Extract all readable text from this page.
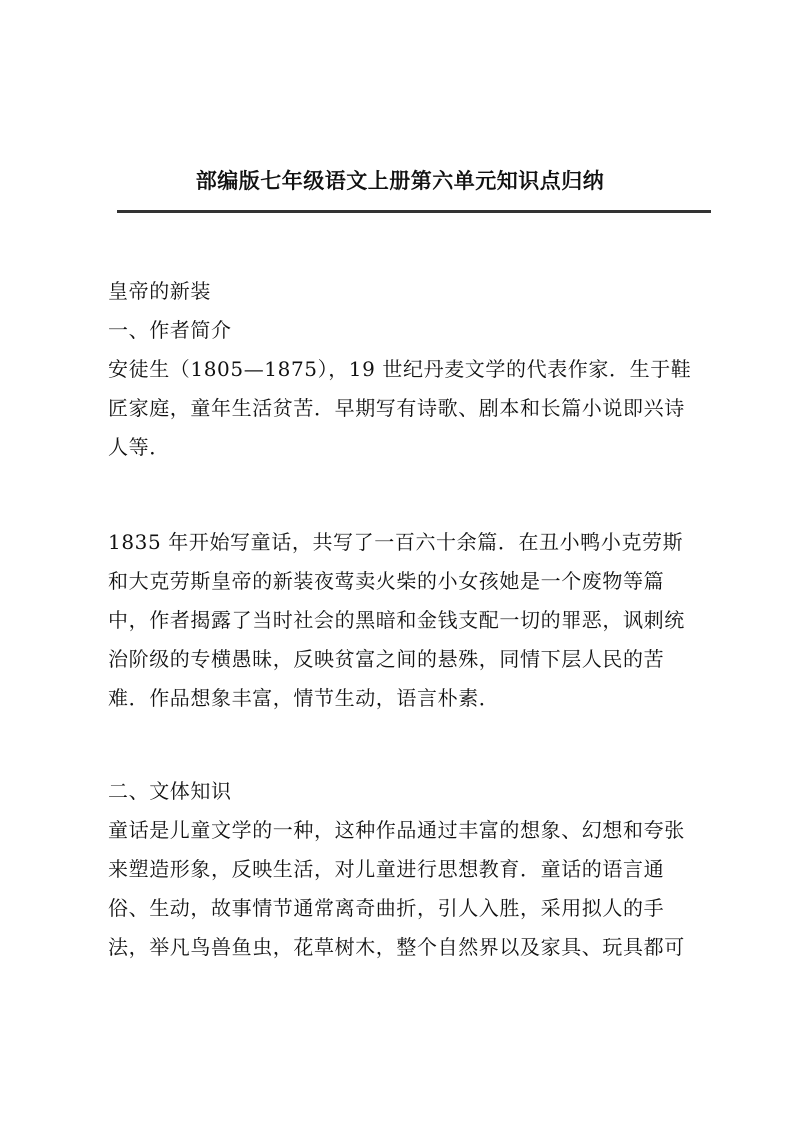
部编版七年级语文上册第六单元知识点归纳
皇帝的新装
一、作者简介
安徒生（1805—1875），19 世纪丹麦文学的代表作家．生于鞋
匠家庭，童年生活贫苦．早期写有诗歌、剧本和长篇小说即兴诗
人等．
1835 年开始写童话，共写了一百六十余篇．在丑小鸭小克劳斯
和大克劳斯皇帝的新装夜莺卖火柴的小女孩她是一个废物等篇
中，作者揭露了当时社会的黑暗和金钱支配一切的罪恶，讽刺统
治阶级的专横愚昧，反映贫富之间的悬殊，同情下层人民的苦
难．作品想象丰富，情节生动，语言朴素．
二、文体知识
童话是儿童文学的一种，这种作品通过丰富的想象、幻想和夸张
来塑造形象，反映生活，对儿童进行思想教育．童话的语言通
俗、生动，故事情节通常离奇曲折，引人入胜，采用拟人的手
法，举凡鸟兽鱼虫，花草树木，整个自然界以及家具、玩具都可
